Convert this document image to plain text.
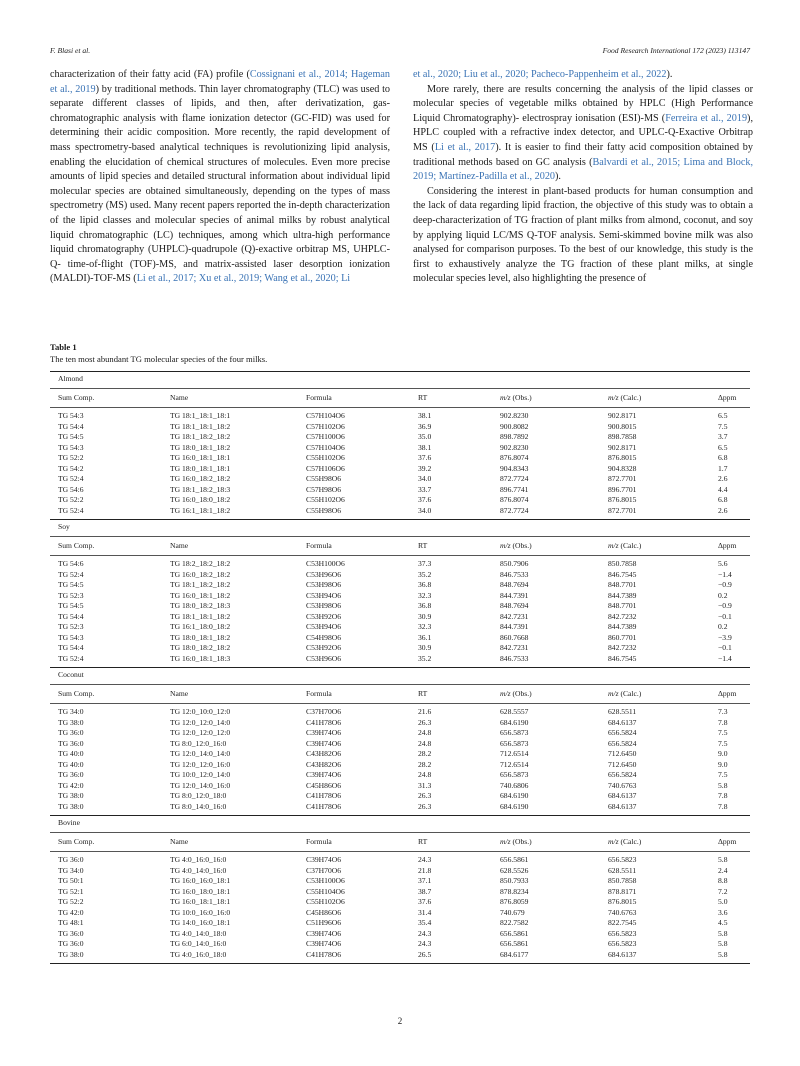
F. Blasi et al.	Food Research International 172 (2023) 113147

characterization of their fatty acid (FA) profile (Cossignani et al., 2014; Hageman et al., 2019) by traditional methods. Thin layer chromatography (TLC) was used to separate different classes of lipids, and then, after derivatization, gas-chromatographic analysis with flame ionization detector (GC-FID) was used for determining their acidic composition. More recently, the rapid development of mass spectrometry-based analytical techniques is revolutionizing lipid analysis, enabling the elucidation of chemical structures of molecules. Even more precise amounts of lipid species and detailed structural information about individual lipid molecular species are obtained simultaneously, depending on the types of mass spectrometry (MS) used. Many recent papers reported the in-depth characterization of the lipid classes and molecular species of animal milks by robust analytical liquid chromatographic (LC) techniques, among which ultra-high performance liquid chromatography (UHPLC)-quadrupole (Q)-exactive orbitrap MS, UHPLC-Q- time-of-flight (TOF)-MS, and matrix-assisted laser desorption ionization (MALDI)-TOF-MS (Li et al., 2017; Xu et al., 2019; Wang et al., 2020; Li

et al., 2020; Liu et al., 2020; Pacheco-Pappenheim et al., 2022).

More rarely, there are results concerning the analysis of the lipid classes or molecular species of vegetable milks obtained by HPLC (High Performance Liquid Chromatography)- electrospray ionisation (ESI)-MS (Ferreira et al., 2019), HPLC coupled with a refractive index detector, and UPLC-Q-Exactive Orbitrap MS (Li et al., 2017). It is easier to find their fatty acid composition obtained by traditional methods based on GC analysis (Balvardi et al., 2015; Lima and Block, 2019; Martínez-Padilla et al., 2020).

Considering the interest in plant-based products for human consumption and the lack of data regarding lipid fraction, the objective of this study was to obtain a deep-characterization of TG fraction of plant milks from almond, coconut, and soy by applying liquid LC/MS Q-TOF analysis. Semi-skimmed bovine milk was also analysed for comparison purposes. To the best of our knowledge, this study is the first to exhaustively analyze the TG fraction of these plant milks, at single molecular species level, also highlighting the presence of

Table 1
The ten most abundant TG molecular species of the four milks.
Almond						
Sum Comp.	Name	Formula	RT	m/z (Obs.)	m/z (Calc.)	Δppm
TG 54:3	TG 18:1_18:1_18:1	C57H104O6	38.1	902.8230	902.8171	6.5
TG 54:4	TG 18:1_18:1_18:2	C57H102O6	36.9	900.8082	900.8015	7.5
TG 54:5	TG 18:1_18:2_18:2	C57H100O6	35.0	898.7892	898.7858	3.7
TG 54:3	TG 18:0_18:1_18:2	C57H104O6	38.1	902.8230	902.8171	6.5
TG 52:2	TG 16:0_18:1_18:1	C55H102O6	37.6	876.8074	876.8015	6.8
TG 54:2	TG 18:0_18:1_18:1	C57H106O6	39.2	904.8343	904.8328	1.7
TG 52:4	TG 16:0_18:2_18:2	C55H98O6	34.0	872.7724	872.7701	2.6
TG 54:6	TG 18:1_18:2_18:3	C57H98O6	33.7	896.7741	896.7701	4.4
TG 52:2	TG 16:0_18:0_18:2	C55H102O6	37.6	876.8074	876.8015	6.8
TG 52:4	TG 16:1_18:1_18:2	C55H98O6	34.0	872.7724	872.7701	2.6
Soy						
Sum Comp.	Name	Formula	RT	m/z (Obs.)	m/z (Calc.)	Δppm
TG 54:6	TG 18:2_18:2_18:2	C53H100O6	37.3	850.7906	850.7858	5.6
TG 52:4	TG 16:0_18:2_18:2	C53H96O6	35.2	846.7533	846.7545	−1.4
TG 54:5	TG 18:1_18:2_18:2	C53H98O6	36.8	848.7694	848.7701	−0.9
TG 52:3	TG 16:0_18:1_18:2	C53H94O6	32.3	844.7391	844.7389	0.2
TG 54:5	TG 18:0_18:2_18:3	C53H98O6	36.8	848.7694	848.7701	−0.9
TG 54:4	TG 18:1_18:1_18:2	C53H92O6	30.9	842.7231	842.7232	−0.1
TG 52:3	TG 16:1_18:0_18:2	C53H94O6	32.3	844.7391	844.7389	0.2
TG 54:3	TG 18:0_18:1_18:2	C54H98O6	36.1	860.7668	860.7701	−3.9
TG 54:4	TG 18:0_18:2_18:2	C53H92O6	30.9	842.7231	842.7232	−0.1
TG 52:4	TG 16:0_18:1_18:3	C53H96O6	35.2	846.7533	846.7545	−1.4
Coconut						
Sum Comp.	Name	Formula	RT	m/z (Obs.)	m/z (Calc.)	Δppm
TG 34:0	TG 12:0_10:0_12:0	C37H70O6	21.6	628.5557	628.5511	7.3
TG 38:0	TG 12:0_12:0_14:0	C41H78O6	26.3	684.6190	684.6137	7.8
TG 36:0	TG 12:0_12:0_12:0	C39H74O6	24.8	656.5873	656.5824	7.5
TG 36:0	TG 8:0_12:0_16:0	C39H74O6	24.8	656.5873	656.5824	7.5
TG 40:0	TG 12:0_14:0_14:0	C43H82O6	28.2	712.6514	712.6450	9.0
TG 40:0	TG 12:0_12:0_16:0	C43H82O6	28.2	712.6514	712.6450	9.0
TG 36:0	TG 10:0_12:0_14:0	C39H74O6	24.8	656.5873	656.5824	7.5
TG 42:0	TG 12:0_14:0_16:0	C45H86O6	31.3	740.6806	740.6763	5.8
TG 38:0	TG 8:0_12:0_18:0	C41H78O6	26.3	684.6190	684.6137	7.8
TG 38:0	TG 8:0_14:0_16:0	C41H78O6	26.3	684.6190	684.6137	7.8
Bovine						
Sum Comp.	Name	Formula	RT	m/z (Obs.)	m/z (Calc.)	Δppm
TG 36:0	TG 4:0_16:0_16:0	C39H74O6	24.3	656.5861	656.5823	5.8
TG 34:0	TG 4:0_14:0_16:0	C37H70O6	21.8	628.5526	628.5511	2.4
TG 50:1	TG 16:0_16:0_18:1	C53H100O6	37.1	850.7933	850.7858	8.8
TG 52:1	TG 16:0_18:0_18:1	C55H104O6	38.7	878.8234	878.8171	7.2
TG 52:2	TG 16:0_18:1_18:1	C55H102O6	37.6	876.8059	876.8015	5.0
TG 42:0	TG 10:0_16:0_16:0	C45H86O6	31.4	740.679	740.6763	3.6
TG 48:1	TG 14:0_16:0_18:1	C51H96O6	35.4	822.7582	822.7545	4.5
TG 36:0	TG 4:0_14:0_18:0	C39H74O6	24.3	656.5861	656.5823	5.8
TG 36:0	TG 6:0_14:0_16:0	C39H74O6	24.3	656.5861	656.5823	5.8
TG 38:0	TG 4:0_16:0_18:0	C41H78O6	26.5	684.6177	684.6137	5.8
2
